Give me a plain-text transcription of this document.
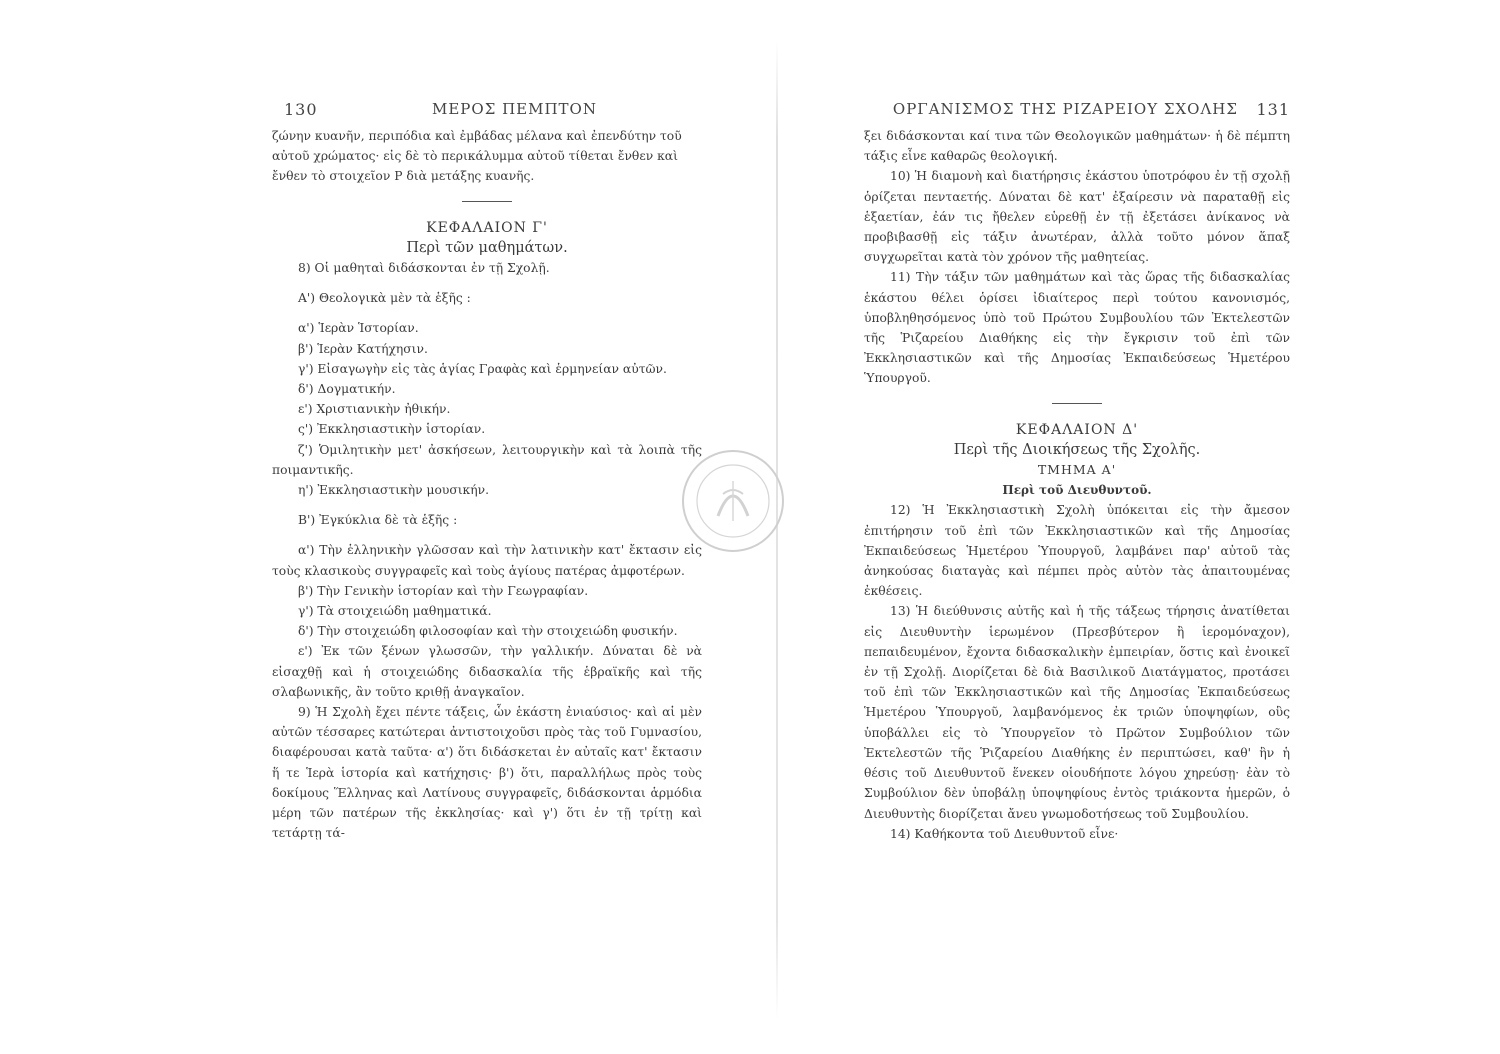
130	ΜΕΡΟΣ ΠΕΜΠΤΟΝ

ζώνην κυανῆν, περιπόδια καὶ ἐμβάδας μέλανα καὶ ἐπενδύτην τοῦ

αὐτοῦ χρώματος· εἰς δὲ τὸ περικάλυμμα αὐτοῦ τίθεται ἔνθεν καὶ

ἔνθεν τὸ στοιχεῖον Ρ διὰ μετάξης κυανῆς.

ΚΕΦΑΛΑΙΟΝ Γ'

Περὶ τῶν μαθημάτων.

8) Οἱ μαθηταὶ διδάσκονται ἐν τῇ Σχολῇ.

Α') Θεολογικὰ μὲν τὰ ἑξῆς :

α') Ἱερὰν Ἱστορίαν.

β') Ἱερὰν Κατήχησιν.

γ') Εἰσαγωγὴν εἰς τὰς ἁγίας Γραφὰς καὶ ἑρμηνείαν αὐτῶν.

δ') Δογματικήν.

ε') Χριστιανικὴν ἠθικήν.

ς') Ἐκκλησιαστικὴν ἱστορίαν.

ζ') Ὁμιλητικὴν μετ' ἀσκήσεων, λειτουργικὴν καὶ τὰ λοιπὰ τῆς ποιμαντικῆς.

η') Ἐκκλησιαστικὴν μουσικήν.

Β') Ἐγκύκλια δὲ τὰ ἑξῆς :

α') Τὴν ἑλληνικὴν γλῶσσαν καὶ τὴν λατινικὴν κατ' ἔκτασιν εἰς τοὺς κλασικοὺς συγγραφεῖς καὶ τοὺς ἁγίους πατέρας ἀμφοτέρων.

β') Τὴν Γενικὴν ἱστορίαν καὶ τὴν Γεωγραφίαν.

γ') Τὰ στοιχειώδη μαθηματικά.

δ') Τὴν στοιχειώδη φιλοσοφίαν καὶ τὴν στοιχειώδη φυσικήν.

ε') Ἐκ τῶν ξένων γλωσσῶν, τὴν γαλλικήν. Δύναται δὲ νὰ εἰσαχθῇ καὶ ἡ στοιχειώδης διδασκαλία τῆς ἑβραϊκῆς καὶ τῆς σλαβωνικῆς, ἂν τοῦτο κριθῇ ἀναγκαῖον.

9) Ἡ Σχολὴ ἔχει πέντε τάξεις, ὧν ἑκάστη ἐνιαύσιος· καὶ αἱ μὲν αὐτῶν τέσσαρες κατώτεραι ἀντιστοιχοῦσι πρὸς τὰς τοῦ Γυμνασίου, διαφέρουσαι κατὰ ταῦτα· α') ὅτι διδάσκεται ἐν αὐταῖς κατ' ἔκτασιν ἥ τε Ἱερὰ ἱστορία καὶ κατήχησις· β') ὅτι, παραλλήλως πρὸς τοὺς δοκίμους Ἕλληνας καὶ Λατίνους συγγραφεῖς, διδάσκονται ἁρμόδια μέρη τῶν πατέρων τῆς ἐκκλησίας· καὶ γ') ὅτι ἐν τῇ τρίτῃ καὶ τετάρτῃ τά-

ΟΡΓΑΝΙΣΜΟΣ ΤΗΣ ΡΙΖΑΡΕΙΟΥ ΣΧΟΛΗΣ 131

ξει διδάσκονται καί τινα τῶν Θεολογικῶν μαθημάτων· ἡ δὲ πέμπτη τάξις εἶνε καθαρῶς θεολογική.

10) Ἡ διαμονὴ καὶ διατήρησις ἑκάστου ὑποτρόφου ἐν τῇ σχολῇ ὁρίζεται πενταετής. Δύναται δὲ κατ' ἐξαίρεσιν νὰ παραταθῇ εἰς ἑξαετίαν, ἐάν τις ἤθελεν εὑρεθῇ ἐν τῇ ἐξετάσει ἀνίκανος νὰ προβιβασθῇ εἰς τάξιν ἀνωτέραν, ἀλλὰ τοῦτο μόνον ἅπαξ συγχωρεῖται κατὰ τὸν χρόνον τῆς μαθητείας.

11) Τὴν τάξιν τῶν μαθημάτων καὶ τὰς ὥρας τῆς διδασκαλίας ἑκάστου θέλει ὁρίσει ἰδιαίτερος περὶ τούτου κανονισμός, ὑποβληθησόμενος ὑπὸ τοῦ Πρώτου Συμβουλίου τῶν Ἐκτελεστῶν τῆς Ῥιζαρείου Διαθήκης εἰς τὴν ἔγκρισιν τοῦ ἐπὶ τῶν Ἐκκλησιαστικῶν καὶ τῆς Δημοσίας Ἐκπαιδεύσεως Ἡμετέρου Ὑπουργοῦ.

ΚΕΦΑΛΑΙΟΝ Δ'

Περὶ τῆς Διοικήσεως τῆς Σχολῆς.

ΤΜΗΜΑ Α'

Περὶ τοῦ Διευθυντοῦ.

12) Ἡ Ἐκκλησιαστικὴ Σχολὴ ὑπόκειται εἰς τὴν ἄμεσον ἐπιτήρησιν τοῦ ἐπὶ τῶν Ἐκκλησιαστικῶν καὶ τῆς Δημοσίας Ἐκπαιδεύσεως Ἡμετέρου Ὑπουργοῦ, λαμβάνει παρ' αὐτοῦ τὰς ἀνηκούσας διαταγὰς καὶ πέμπει πρὸς αὐτὸν τὰς ἀπαιτουμένας ἐκθέσεις.

13) Ἡ διεύθυνσις αὐτῆς καὶ ἡ τῆς τάξεως τήρησις ἀνατίθεται εἰς Διευθυντὴν ἱερωμένον (Πρεσβύτερον ἢ ἱερομόναχον), πεπαιδευμένον, ἔχοντα διδασκαλικὴν ἐμπειρίαν, ὅστις καὶ ἐνοικεῖ ἐν τῇ Σχολῇ. Διορίζεται δὲ διὰ Βασιλικοῦ Διατάγματος, προτάσει τοῦ ἐπὶ τῶν Ἐκκλησιαστικῶν καὶ τῆς Δημοσίας Ἐκπαιδεύσεως Ἡμετέρου Ὑπουργοῦ, λαμβανόμενος ἐκ τριῶν ὑποψηφίων, οὓς ὑποβάλλει εἰς τὸ Ὑπουργεῖον τὸ Πρῶτον Συμβούλιον τῶν Ἐκτελεστῶν τῆς Ῥιζαρείου Διαθήκης ἐν περιπτώσει, καθ' ἣν ἡ θέσις τοῦ Διευθυντοῦ ἕνεκεν οἱουδήποτε λόγου χηρεύσῃ· ἐὰν τὸ Συμβούλιον δὲν ὑποβάλῃ ὑποψηφίους ἐντὸς τριάκοντα ἡμερῶν, ὁ Διευθυντὴς διορίζεται ἄνευ γνωμοδοτήσεως τοῦ Συμβουλίου.

14) Καθήκοντα τοῦ Διευθυντοῦ εἶνε·
